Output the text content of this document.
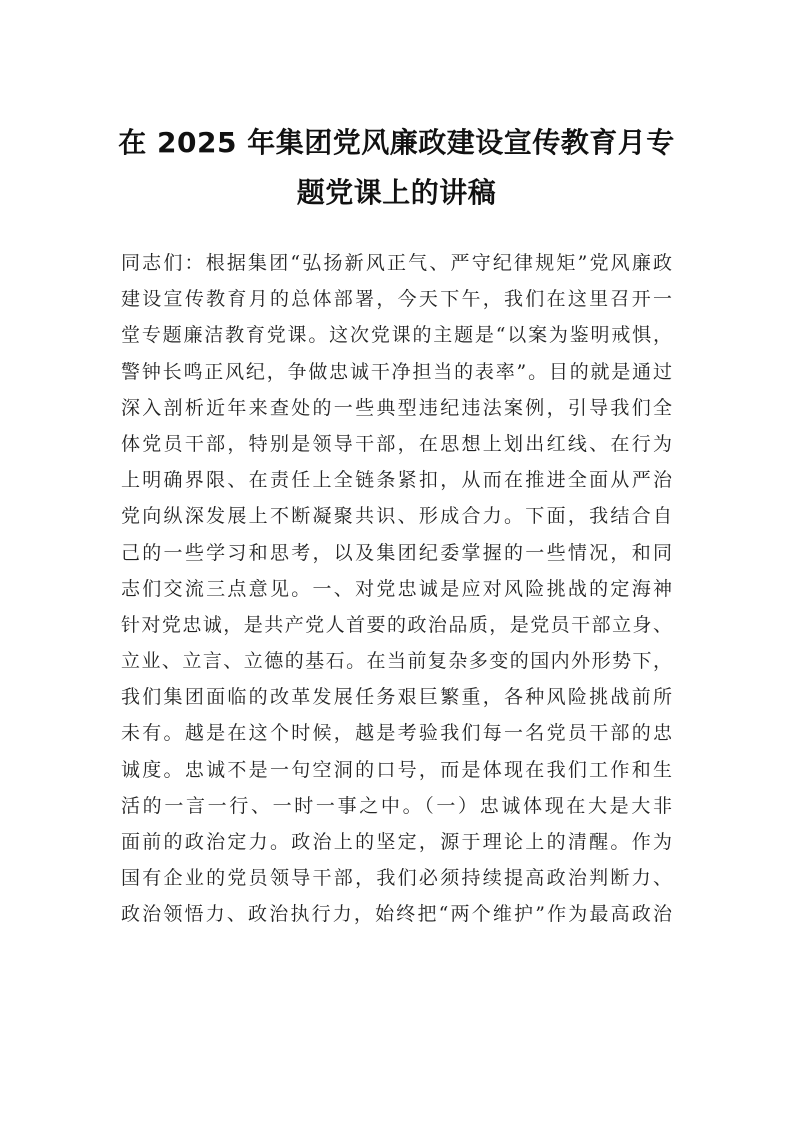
在 2025 年集团党风廉政建设宣传教育月专题党课上的讲稿
同志们：根据集团“弘扬新风正气、严守纪律规矩”党风廉政
建设宣传教育月的总体部署，今天下午，我们在这里召开一
堂专题廉洁教育党课。这次党课的主题是“以案为鉴明戒惧，
警钟长鸣正风纪，争做忠诚干净担当的表率”。目的就是通过
深入剖析近年来查处的一些典型违纪违法案例，引导我们全
体党员干部，特别是领导干部，在思想上划出红线、在行为
上明确界限、在责任上全链条紧扣，从而在推进全面从严治
党向纵深发展上不断凝聚共识、形成合力。下面，我结合自
己的一些学习和思考，以及集团纪委掌握的一些情况，和同
志们交流三点意见。一、对党忠诚是应对风险挑战的定海神
针对党忠诚，是共产党人首要的政治品质，是党员干部立身、
立业、立言、立德的基石。在当前复杂多变的国内外形势下，
我们集团面临的改革发展任务艰巨繁重，各种风险挑战前所
未有。越是在这个时候，越是考验我们每一名党员干部的忠
诚度。忠诚不是一句空洞的口号，而是体现在我们工作和生
活的一言一行、一时一事之中。（一）忠诚体现在大是大非
面前的政治定力。政治上的坚定，源于理论上的清醒。作为
国有企业的党员领导干部，我们必须持续提高政治判断力、
政治领悟力、政治执行力，始终把“两个维护”作为最高政治
